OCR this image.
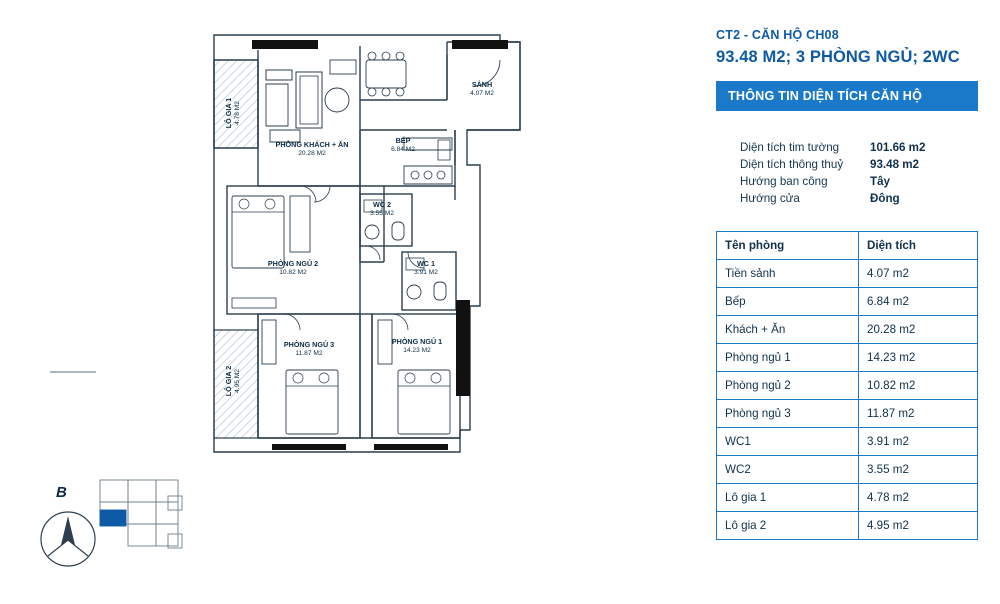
LÔ GIA 1 4.78 M2
LÔ GIA 2 4.95 M2
PHÒNG KHÁCH + ĂN
20.28 M2
BẾP
6.84 M2
SẢNH
4.07 M2
WC 2
3.55 M2
WC 1
3.91 M2
PHÒNG NGỦ 2
10.82 M2
PHÒNG NGỦ 3
11.87 M2
PHÒNG NGỦ 1
14.23 M2
B
CT2 - CĂN HỘ CH08
93.48 M2; 3 PHÒNG NGỦ; 2WC
THÔNG TIN DIỆN TÍCH CĂN HỘ
Diện tích tim tường	101.66 m2
Diện tích thông thuỷ	93.48 m2
Hướng ban công	Tây
Hướng cửa	Đông
Tên phòng	Diện tích
Tiền sảnh	4.07 m2
Bếp	6.84 m2
Khách + Ăn	20.28 m2
Phòng ngủ 1	14.23 m2
Phòng ngủ 2	10.82 m2
Phòng ngủ 3	11.87 m2
WC1	3.91 m2
WC2	3.55 m2
Lô gia 1	4.78 m2
Lô gia 2	4.95 m2
